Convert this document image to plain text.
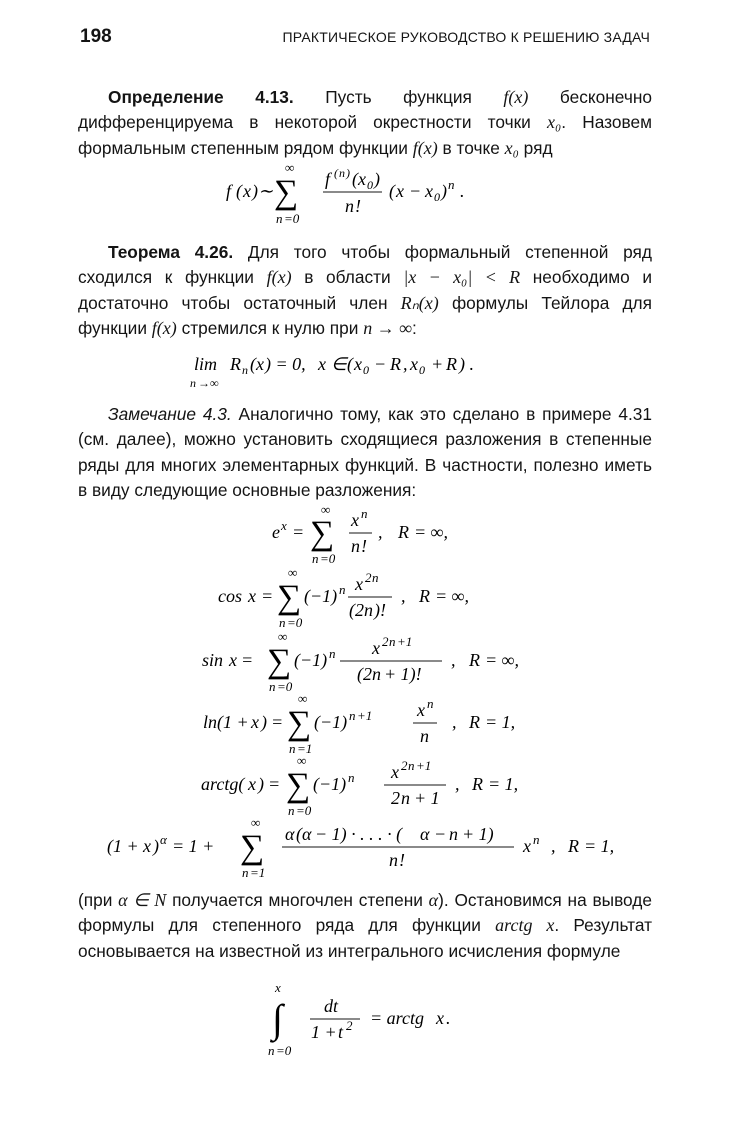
198	ПРАКТИЧЕСКОЕ РУКОВОДСТВО К РЕШЕНИЮ ЗАДАЧ

Определение 4.13. Пусть функция f(x) бесконечно дифференцируема в некоторой окрестности точки x₀. Назовем формальным степенным рядом функции f(x) в точке x₀ ряд

f ( x ) ∼ ∑
∞
n =0
f ( n ) ( x 0 )
n !
( x − x 0 ) n .

Теорема 4.26. Для того чтобы формальный степенной ряд сходился к функции f(x) в области |x − x₀| < R необходимо и достаточно чтобы остаточный член Rₙ(x) формулы Тейлора для функции f(x) стремился к нулю при n → ∞:

lim
n →∞
R n ( x ) = 0, x ∈ ( x 0 − R , x 0 + R ) .

Замечание 4.3. Аналогично тому, как это сделано в примере 4.31 (см. далее), можно установить сходящиеся разложения в степенные ряды для многих элементарных функций. В частности, полезно иметь в виду следующие основные разложения:

e x = ∑
∞
n =0
x n
n !
, R = ∞,
cos x = ∑
∞
n =0
(−1) n x 2 n
(2 n )!
, R = ∞,
sin x = ∑
∞
n =0
(−1) n x 2 n +1
(2 n + 1)!
, R = ∞,
ln(1 + x ) = ∑
∞
n =1
(−1) n +1 x n
n
, R = 1,
arctg( x ) = ∑
∞
n =0
(−1) n x 2 n +1
2 n + 1
, R = 1,
(1 + x ) α = 1 + ∑
∞
n =1
α ( α − 1) · . . . · ( α − n + 1)
n !
x n , R = 1,

(при α ∈ N получается многочлен степени α). Остановимся на выводе формулы для степенного ряда для функции arctg x. Результат основывается на известной из интегрального исчисления формуле

x
∫
n =0
dt
1 + t 2 = arctg x .
